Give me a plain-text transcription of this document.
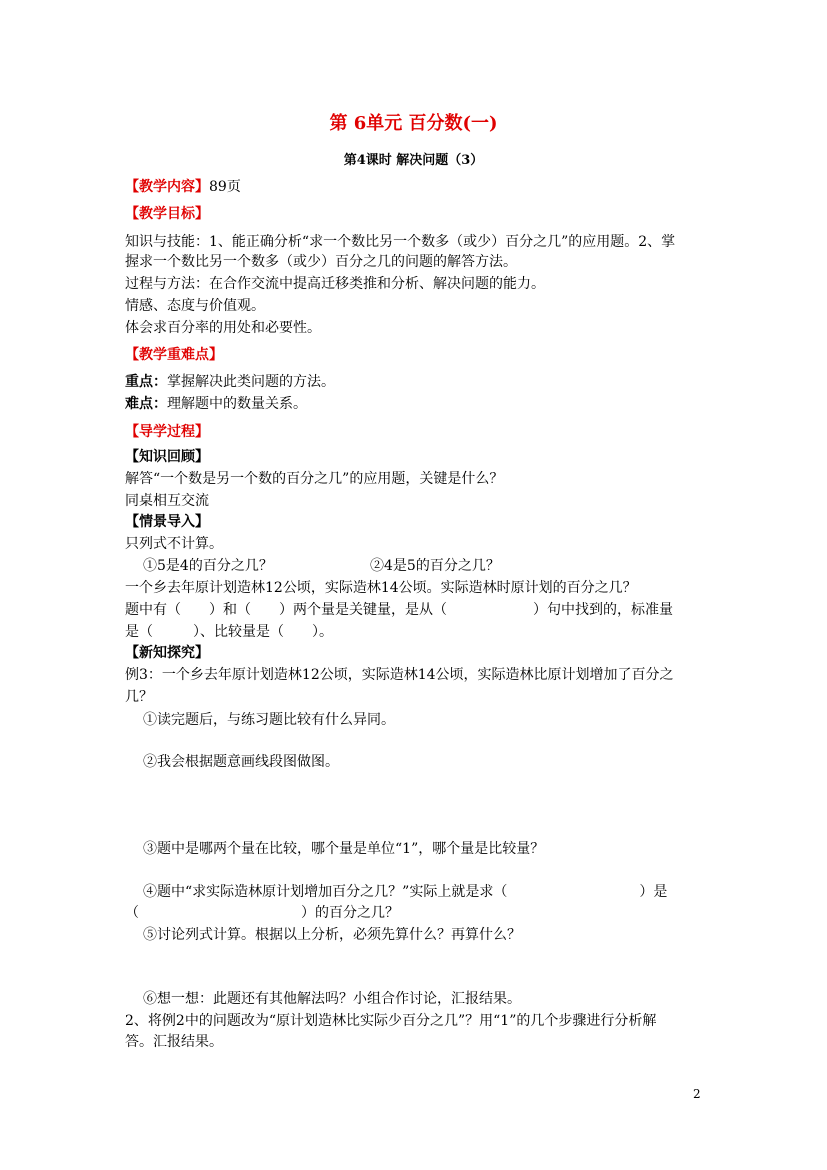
第 6单元 百分数(一)
第4课时 解决问题（3）
【教学内容】89页
【教学目标】
知识与技能：1、能正确分析“求一个数比另一个数多（或少）百分之几”的应用题。2、掌
握求一个数比另一个数多（或少）百分之几的问题的解答方法。
过程与方法：在合作交流中提高迁移类推和分析、解决问题的能力。
情感、态度与价值观。
体会求百分率的用处和必要性。
【教学重难点】
重点：掌握解决此类问题的方法。
难点：理解题中的数量关系。
【导学过程】
【知识回顾】
解答“一个数是另一个数的百分之几”的应用题，关键是什么？
同桌相互交流
【情景导入】
只列式不计算。
①5是4的百分之几？	②4是5的百分之几？
一个乡去年原计划造林12公顷，实际造林14公顷。实际造林时原计划的百分之几？
题中有（ ）和（ ）两个量是关键量，是从（	）句中找到的，标准量
是（	）、比较量是（ ）。
【新知探究】
例3：一个乡去年原计划造林12公顷，实际造林14公顷，实际造林比原计划增加了百分之
几？
①读完题后，与练习题比较有什么异同。
②我会根据题意画线段图做图。
③题中是哪两个量在比较，哪个量是单位“1”，哪个量是比较量？
④题中“求实际造林原计划增加百分之几？”实际上就是求（	）是
（	）的百分之几？
⑤讨论列式计算。根据以上分析，必须先算什么？再算什么？
⑥想一想：此题还有其他解法吗？小组合作讨论，汇报结果。
2、将例2中的问题改为“原计划造林比实际少百分之几”？用“1”的几个步骤进行分析解
答。汇报结果。
2
